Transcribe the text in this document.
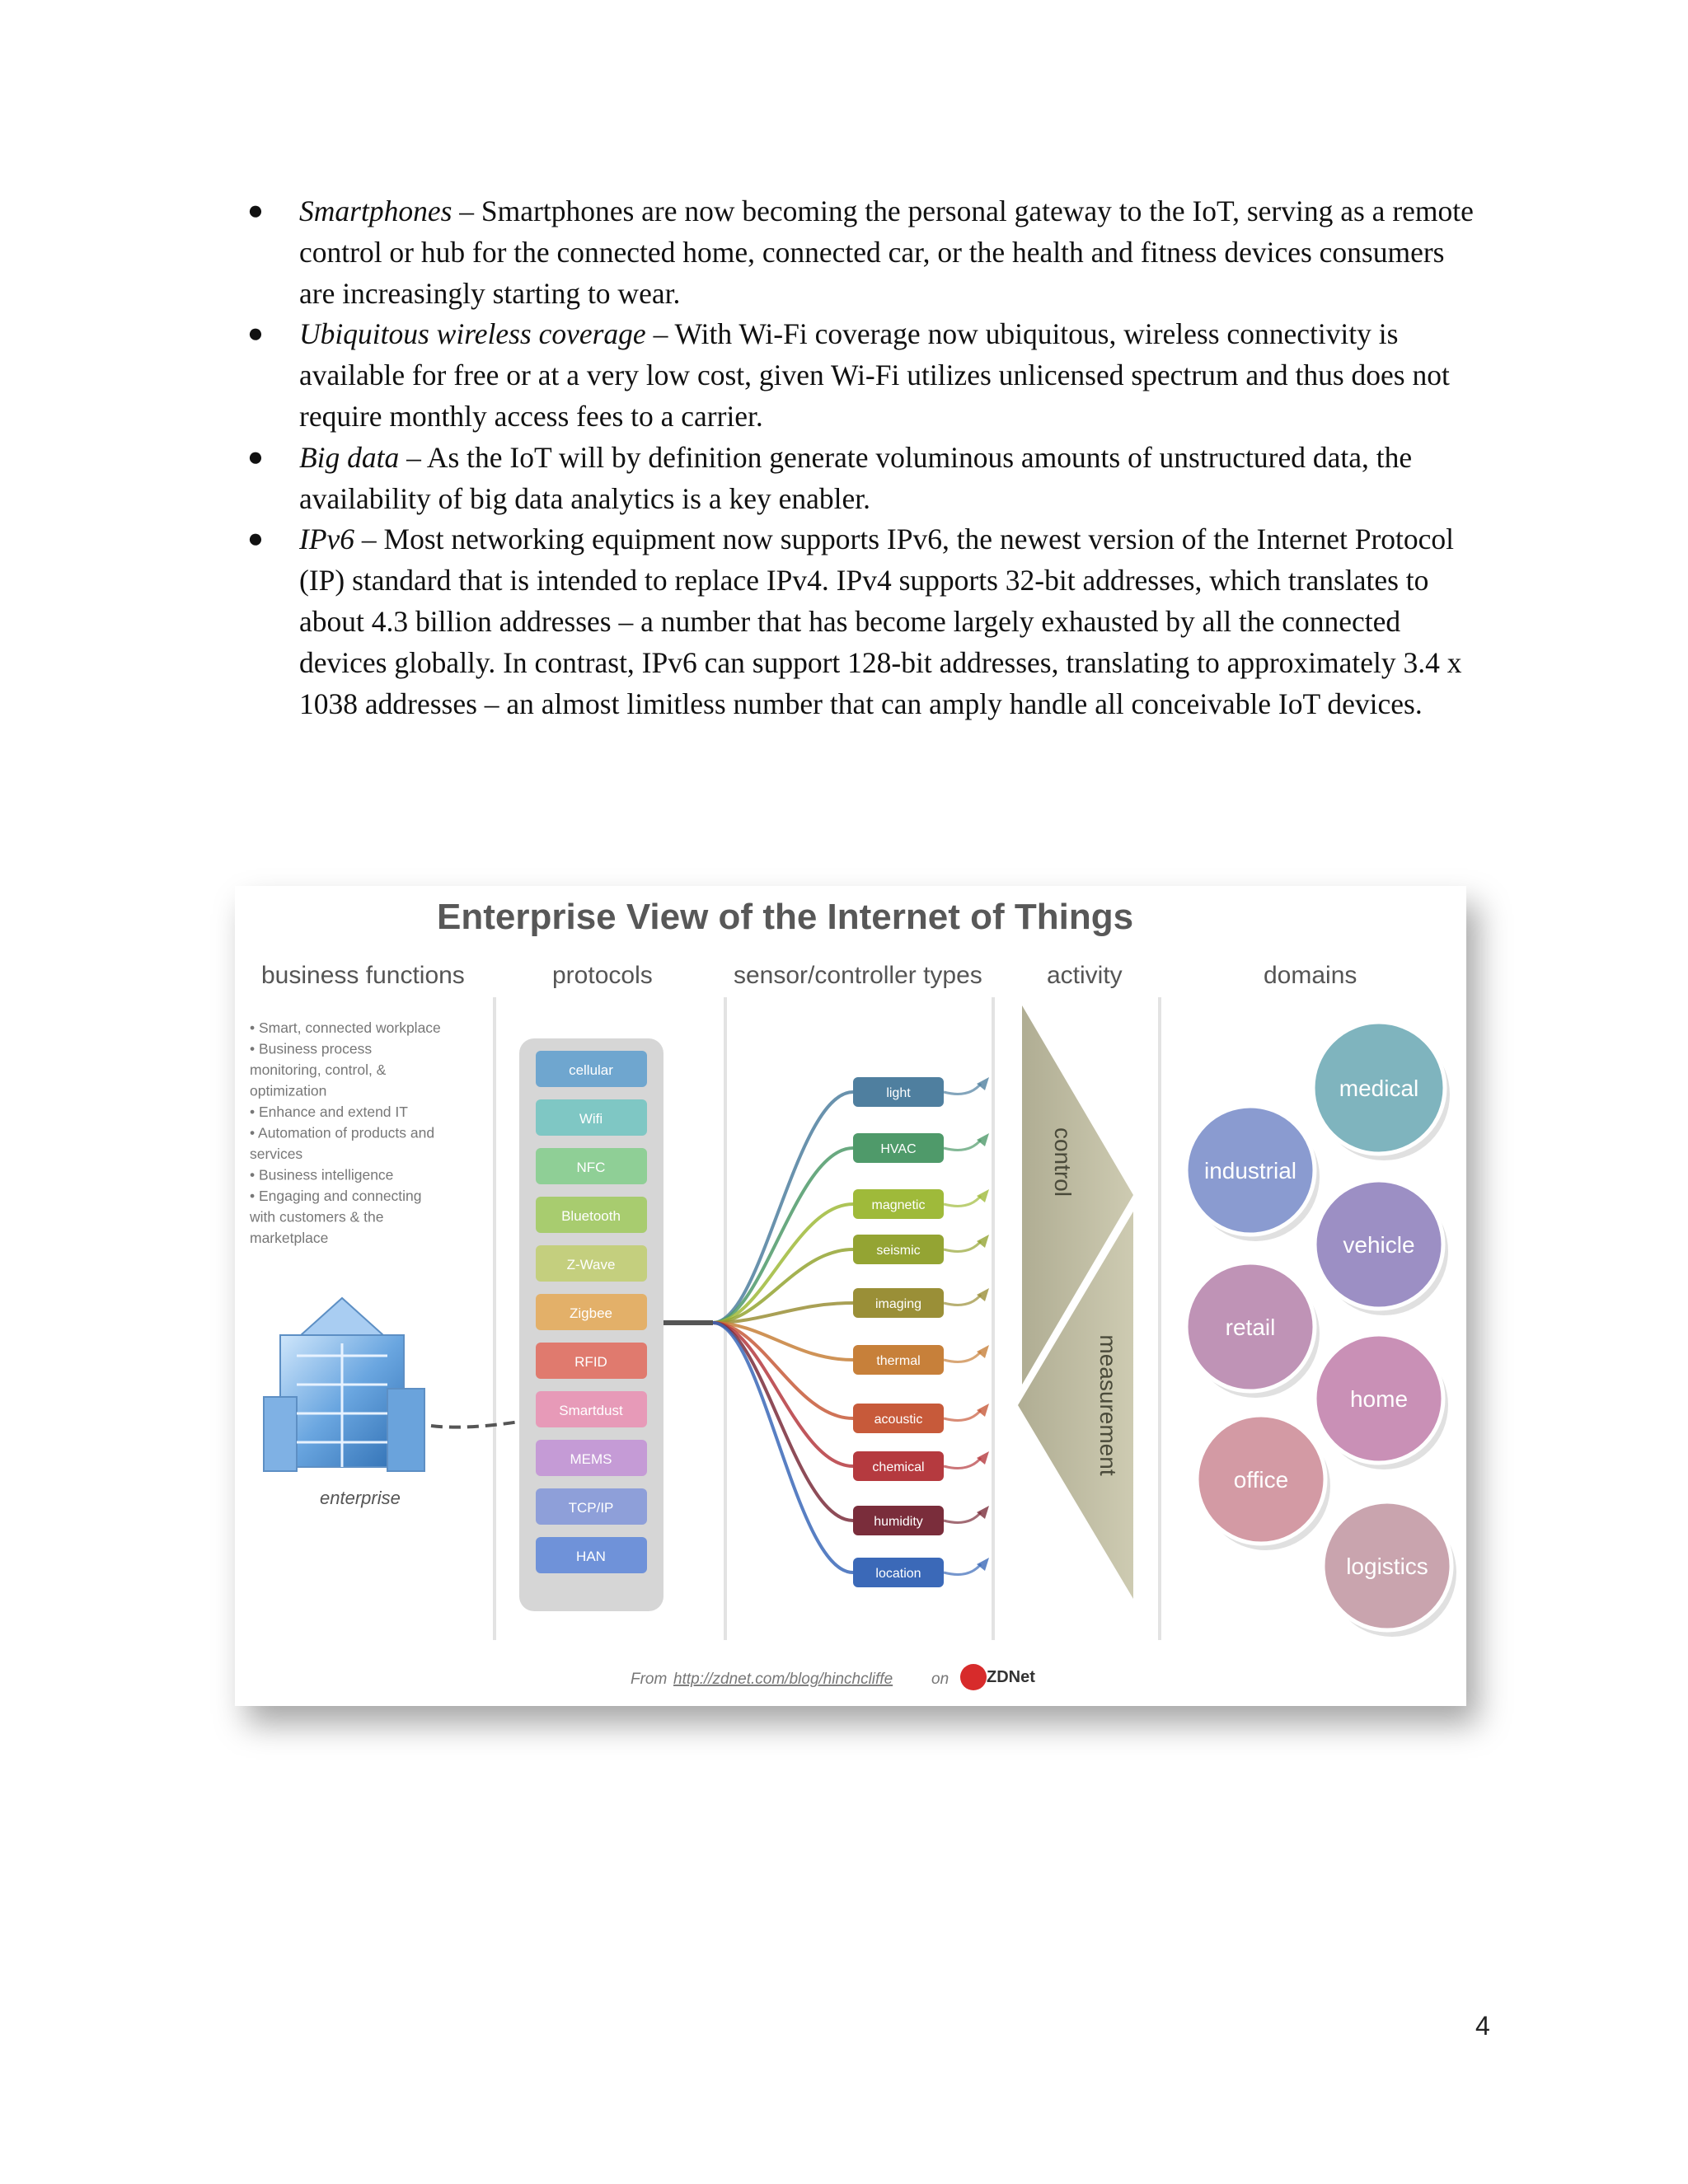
●	Smartphones – Smartphones are now becoming the personal gateway to the IoT, serving as a remote control or hub for the connected home, connected car, or the health and fitness devices consumers are increasingly starting to wear.
●	Ubiquitous wireless coverage – With Wi-Fi coverage now ubiquitous, wireless connectivity is available for free or at a very low cost, given Wi-Fi utilizes unlicensed spectrum and thus does not require monthly access fees to a carrier.
●	Big data – As the IoT will by definition generate voluminous amounts of unstructured data, the availability of big data analytics is a key enabler.
●	IPv6 – Most networking equipment now supports IPv6, the newest version of the Internet Protocol (IP) standard that is intended to replace IPv4. IPv4 supports 32-bit addresses, which translates to about 4.3 billion addresses – a number that has become largely exhausted by all the connected devices globally. In contrast, IPv6 can support 128-bit addresses, translating to approximately 3.4 x 1038 addresses – an almost limitless number that can amply handle all conceivable IoT devices.
Enterprise View of the Internet of Things
business functions	protocols	sensor/controller types	activity	domains
• Smart, connected workplace
• Business process
monitoring, control, &
optimization
• Enhance and extend IT
• Automation of products and
services
• Business intelligence
• Engaging and connecting
with customers & the
marketplace
enterprise
cellular
Wifi
NFC
Bluetooth
Z-Wave
Zigbee
RFID
Smartdust
MEMS
TCP/IP
HAN
light
HVAC
magnetic
seismic
imaging
thermal
acoustic
chemical
humidity
location
control
measurement
medical
industrial
vehicle
retail
home
office
logistics
From http://zdnet.com/blog/hinchcliffe on ZDNet
4
